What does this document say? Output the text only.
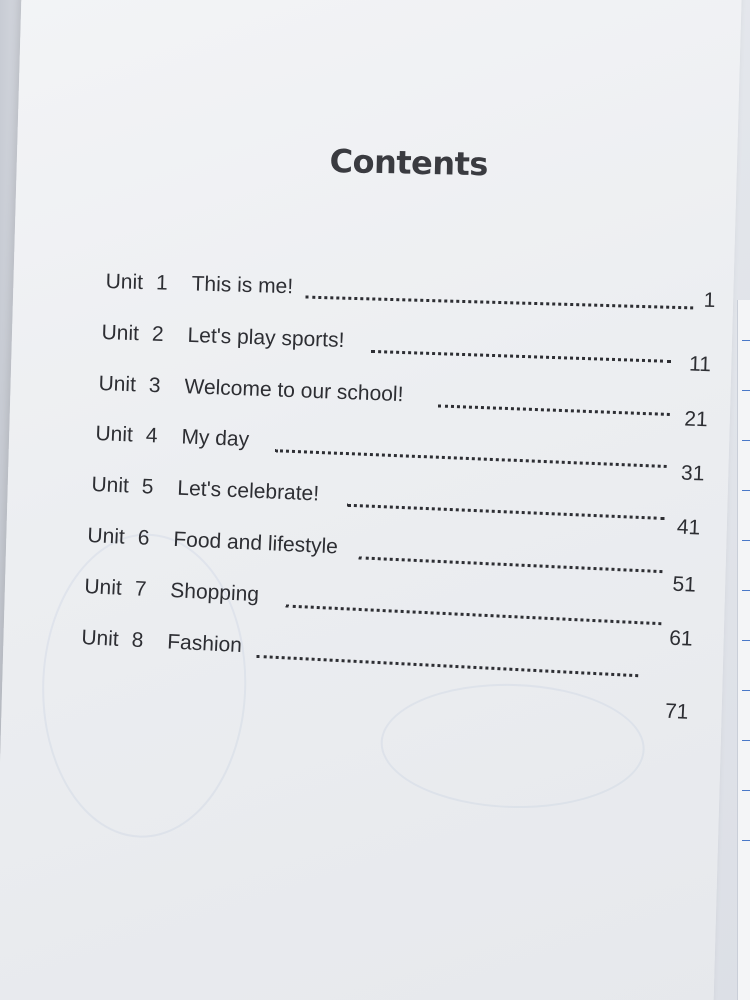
Contents
Unit 1 This is me!
1
Unit 2 Let's play sports!
11
Unit 3 Welcome to our school!
21
Unit 4 My day
31
Unit 5 Let's celebrate!
41
Unit 6 Food and lifestyle
51
Unit 7 Shopping
61
Unit 8 Fashion
71
